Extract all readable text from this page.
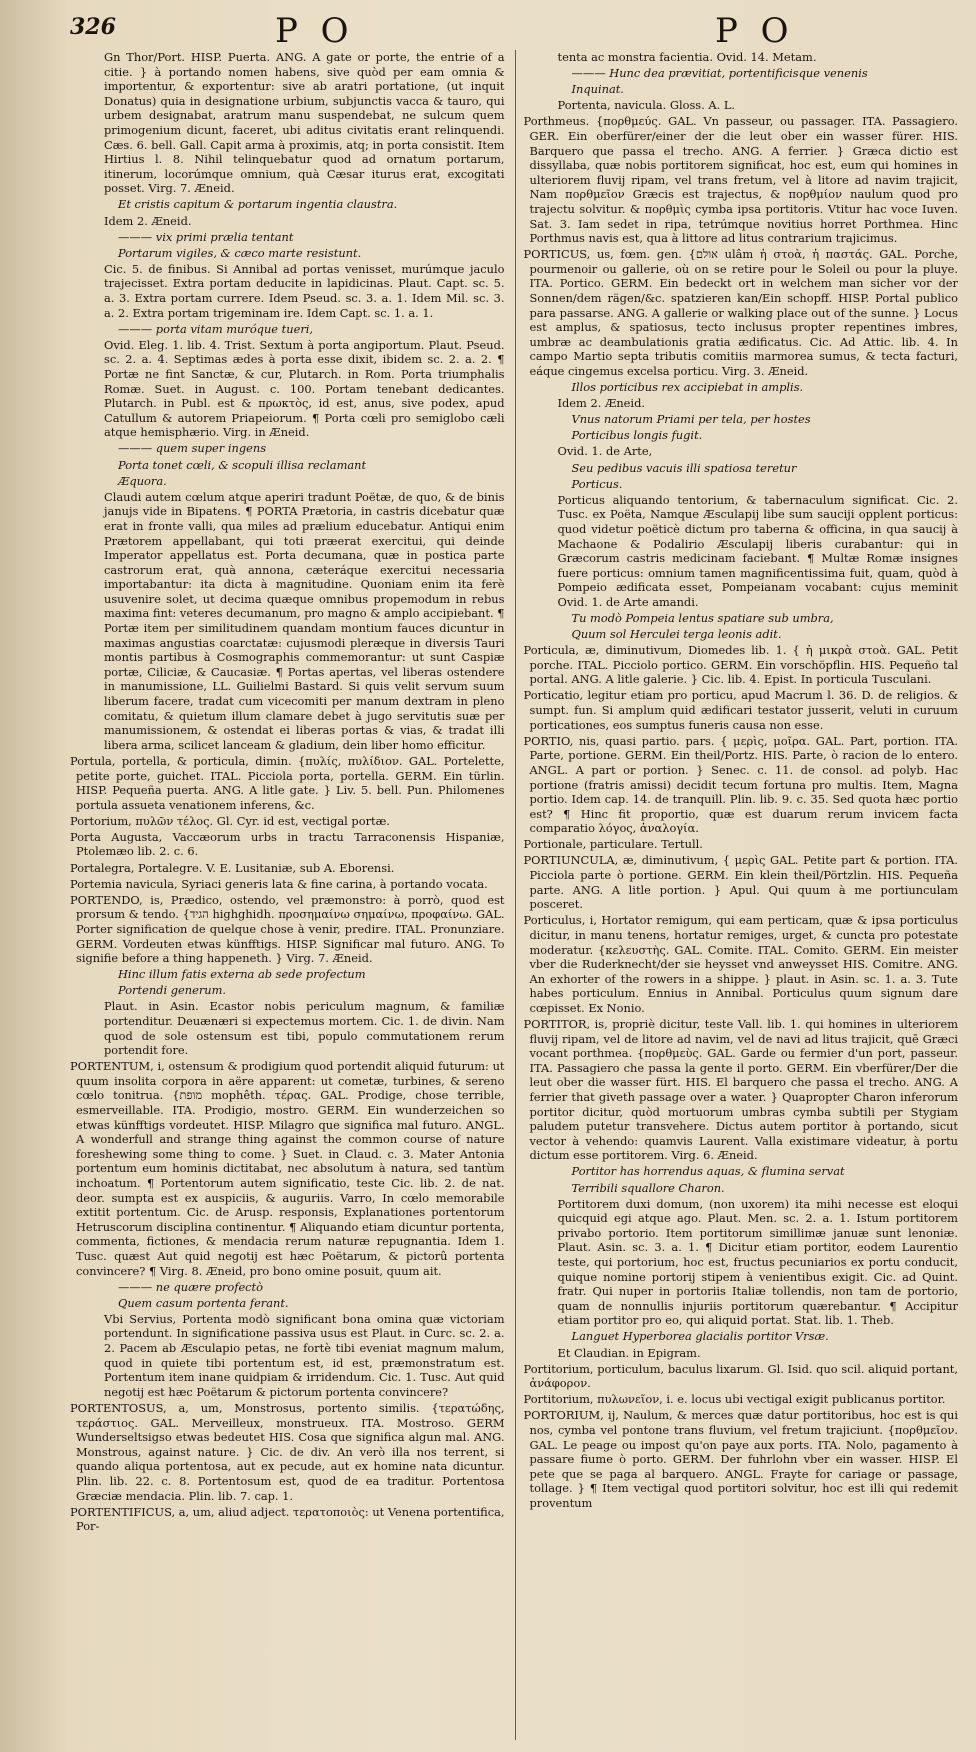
326	P O	P O

Gn Thor/Port. HISP. Puerta. ANG. A gate or porte, the entrie of a citie. } à portando nomen habens, sive quòd per eam omnia & importentur, & exportentur: sive ab aratri portatione, (ut inquit Donatus) quia in designatione urbium, subjunctis vacca & tauro, qui urbem designabat, aratrum manu suspendebat, ne sulcum quem primogenium dicunt, faceret, ubi aditus civitatis erant relinquendi. Cæs. 6. bell. Gall. Capit arma à proximis, atq; in porta consistit. Item Hirtius l. 8. Nihil telinquebatur quod ad ornatum portarum, itinerum, locorúmque omnium, quà Cæsar iturus erat, excogitati posset. Virg. 7. Æneid.

Et cristis capitum & portarum ingentia claustra.

Idem 2. Æneid.

——— vix primi prælia tentant

Portarum vigiles, & cæco marte resistunt.

Cic. 5. de finibus. Si Annibal ad portas venisset, murúmque jaculo trajecisset. Extra portam deducite in lapidicinas. Plaut. Capt. sc. 5. a. 3. Extra portam currere. Idem Pseud. sc. 3. a. 1. Idem Mil. sc. 3. a. 2. Extra portam trigeminam ire. Idem Capt. sc. 1. a. 1.

——— porta vitam muróque tueri,

Ovid. Eleg. 1. lib. 4. Trist. Sextum à porta angiportum. Plaut. Pseud. sc. 2. a. 4. Septimas ædes à porta esse dixit, ibidem sc. 2. a. 2. ¶ Portæ ne fint Sanctæ, & cur, Plutarch. in Rom. Porta triumphalis Romæ. Suet. in August. c. 100. Portam tenebant dedicantes. Plutarch. in Publ. est & πρωκτὸς, id est, anus, sive podex, apud Catullum & autorem Priapeiorum. ¶ Porta cœli pro semiglobo cæli atque hemisphærio. Virg. in Æneid.

——— quem super ingens

Porta tonet cœli, & scopuli illisa reclamant

Æquora.

Claudi autem cœlum atque aperiri tradunt Poëtæ, de quo, & de binis janujs vide in Bipatens. ¶ PORTA Prætoria, in castris dicebatur quæ erat in fronte valli, qua miles ad prælium educebatur. Antiqui enim Prætorem appellabant, qui toti præerat exercitui, qui deinde Imperator appellatus est. Porta decumana, quæ in postica parte castrorum erat, quà annona, cæteráque exercitui necessaria importabantur: ita dicta à magnitudine. Quoniam enim ita ferè usuvenire solet, ut decima quæque omnibus propemodum in rebus maxima fint: veteres decumanum, pro magno & amplo accipiebant. ¶ Portæ item per similitudinem quandam montium fauces dicuntur in maximas angustias coarctatæ: cujusmodi pleræque in diversis Tauri montis partibus à Cosmographis commemorantur: ut sunt Caspiæ portæ, Ciliciæ, & Caucasiæ. ¶ Portas apertas, vel liberas ostendere in manumissione, LL. Guilielmi Bastard. Si quis velit servum suum liberum facere, tradat cum vicecomiti per manum dextram in pleno comitatu, & quietum illum clamare debet à jugo servitutis suæ per manumissionem, & ostendat ei liberas portas & vias, & tradat illi libera arma, scilicet lanceam & gladium, dein liber homo efficitur.

Portula, portella, & porticula, dimin. {πυλίς, πυλίδιον. GAL. Portelette, petite porte, guichet. ITAL. Picciola porta, portella. GERM. Ein türlin. HISP. Pequeña puerta. ANG. A litle gate. } Liv. 5. bell. Pun. Philomenes portula assueta venationem inferens, &c.

Portorium, πυλῶν τέλος. Gl. Cyr. id est, vectigal portæ.

Porta Augusta, Vaccæorum urbs in tractu Tarraconensis Hispaniæ, Ptolemæo lib. 2. c. 6.

Portalegra, Portalegre. V. E. Lusitaniæ, sub A. Eborensi.

Portemia navicula, Syriaci generis lata & fine carina, à portando vocata.

PORTENDO, is, Prædico, ostendo, vel præmonstro: à porrò, quod est prorsum & tendo. {הגיד highghidh. προσημαίνω σημαίνω, προφαίνω. GAL. Porter signification de quelque chose à venir, predire. ITAL. Pronunziare. GERM. Vordeuten etwas künfftigs. HISP. Significar mal futuro. ANG. To signifie before a thing happeneth. } Virg. 7. Æneid.

Hinc illum fatis externa ab sede profectum

Portendi generum.

Plaut. in Asin. Ecastor nobis periculum magnum, & familiæ portenditur. Deuænæri si expectemus mortem. Cic. 1. de divin. Nam quod de sole ostensum est tibi, populo commutationem rerum portendit fore.

PORTENTUM, i, ostensum & prodigium quod portendit aliquid futurum: ut quum insolita corpora in aëre apparent: ut cometæ, turbines, & sereno cœlo tonitrua. {מופת mophêth. τέρας. GAL. Prodige, chose terrible, esmerveillable. ITA. Prodigio, mostro. GERM. Ein wunderzeichen so etwas künfftigs vordeutet. HISP. Milagro que significa mal futuro. ANGL. A wonderfull and strange thing against the common course of nature foreshewing some thing to come. } Suet. in Claud. c. 3. Mater Antonia portentum eum hominis dictitabat, nec absolutum à natura, sed tantùm inchoatum. ¶ Portentorum autem significatio, teste Cic. lib. 2. de nat. deor. sumpta est ex auspiciis, & auguriis. Varro, In cœlo memorabile extitit portentum. Cic. de Arusp. responsis, Explanationes portentorum Hetruscorum disciplina continentur. ¶ Aliquando etiam dicuntur portenta, commenta, fictiones, & mendacia rerum naturæ repugnantia. Idem 1. Tusc. quæst Aut quid negotij est hæc Poëtarum, & pictorû portenta convincere? ¶ Virg. 8. Æneid, pro bono omine posuit, quum ait.

——— ne quære profectò

Quem casum portenta ferant.

Vbi Servius, Portenta modò significant bona omina quæ victoriam portendunt. In significatione passiva usus est Plaut. in Curc. sc. 2. a. 2. Pacem ab Æsculapio petas, ne fortè tibi eveniat magnum malum, quod in quiete tibi portentum est, id est, præmonstratum est. Portentum item inane quidpiam & irridendum. Cic. 1. Tusc. Aut quid negotij est hæc Poëtarum & pictorum portenta convincere?

PORTENTOSUS, a, um, Monstrosus, portento similis. {τερατώδης, τεράστιος. GAL. Merveilleux, monstrueux. ITA. Mostroso. GERM Wunderseltsigso etwas bedeutet HIS. Cosa que significa algun mal. ANG. Monstrous, against nature. } Cic. de div. An verò illa nos terrent, si quando aliqua portentosa, aut ex pecude, aut ex homine nata dicuntur. Plin. lib. 22. c. 8. Portentosum est, quod de ea traditur. Portentosa Græciæ mendacia. Plin. lib. 7. cap. 1.

PORTENTIFICUS, a, um, aliud adject. τερατοποιὸς: ut Venena portentifica, Por-

tenta ac monstra facientia. Ovid. 14. Metam.

——— Hunc dea prævitiat, portentificisque venenis

Inquinat.

Portenta, navicula. Gloss. A. L.

Porthmeus. {πορθμεύς. GAL. Vn passeur, ou passager. ITA. Passagiero. GER. Ein oberfürer/einer der die leut ober ein wasser fürer. HIS. Barquero que passa el trecho. ANG. A ferrier. } Græca dictio est dissyllaba, quæ nobis portitorem significat, hoc est, eum qui homines in ulteriorem fluvij ripam, vel trans fretum, vel à litore ad navim trajicit, Nam πορθμεῖον Græcis est trajectus, & πορθμίον naulum quod pro trajectu solvitur. & πορθμὶς cymba ipsa portitoris. Vtitur hac voce Iuven. Sat. 3. Iam sedet in ripa, tetrúmque novitius horret Porthmea. Hinc Porthmus navis est, qua à littore ad litus contrarium trajicimus.

PORTICUS, us, fœm. gen. {אולם ulâm ἡ στοὰ, ἡ παστάς. GAL. Porche, pourmenoir ou gallerie, où on se retire pour le Soleil ou pour la pluye. ITA. Portico. GERM. Ein bedeckt ort in welchem man sicher vor der Sonnen/dem rägen/&c. spatzieren kan/Ein schopff. HISP. Portal publico para passarse. ANG. A gallerie or walking place out of the sunne. } Locus est amplus, & spatiosus, tecto inclusus propter repentines imbres, umbræ ac deambulationis gratia ædificatus. Cic. Ad Attic. lib. 4. In campo Martio septa tributis comitiis marmorea sumus, & tecta facturi, eáque cingemus excelsa porticu. Virg. 3. Æneid.

Illos porticibus rex accipiebat in amplis.

Idem 2. Æneid.

Vnus natorum Priami per tela, per hostes

Porticibus longis fugit.

Ovid. 1. de Arte,

Seu pedibus vacuis illi spatiosa teretur

Porticus.

Porticus aliquando tentorium, & tabernaculum significat. Cic. 2. Tusc. ex Poëta, Namque Æsculapij libe sum sauciji opplent porticus: quod videtur poëticè dictum pro taberna & officina, in qua saucij à Machaone & Podalirio Æsculapij liberis curabantur: qui in Græcorum castris medicinam faciebant. ¶ Multæ Romæ insignes fuere porticus: omnium tamen magnificentissima fuit, quam, quòd à Pompeio ædificata esset, Pompeianam vocabant: cujus meminit Ovid. 1. de Arte amandi.

Tu modò Pompeia lentus spatiare sub umbra,

Quum sol Herculei terga leonis adit.

Porticula, æ, diminutivum, Diomedes lib. 1. { ἡ μικρὰ στοὰ. GAL. Petit porche. ITAL. Picciolo portico. GERM. Ein vorschöpflin. HIS. Pequeño tal portal. ANG. A litle galerie. } Cic. lib. 4. Epist. In porticula Tusculani.

Porticatio, legitur etiam pro porticu, apud Macrum l. 36. D. de religios. & sumpt. fun. Si amplum quid ædificari testator jusserit, veluti in curuum porticationes, eos sumptus funeris causa non esse.

PORTIO, nis, quasi partio. pars. { μερὶς, μοῖρα. GAL. Part, portion. ITA. Parte, portione. GERM. Ein theil/Portz. HIS. Parte, ò racion de lo entero. ANGL. A part or portion. } Senec. c. 11. de consol. ad polyb. Hac portione (fratris amissi) decidit tecum fortuna pro multis. Item, Magna portio. Idem cap. 14. de tranquill. Plin. lib. 9. c. 35. Sed quota hæc portio est? ¶ Hinc fit proportio, quæ est duarum rerum invicem facta comparatio λόγος, ἀναλογία.

Portionale, particulare. Tertull.

PORTIUNCULA, æ, diminutivum, { μερὶς GAL. Petite part & portion. ITA. Picciola parte ò portione. GERM. Ein klein theil/Pörtzlin. HIS. Pequeña parte. ANG. A litle portion. } Apul. Qui quum à me portiunculam posceret.

Porticulus, i, Hortator remigum, qui eam perticam, quæ & ipsa porticulus dicitur, in manu tenens, hortatur remiges, urget, & cuncta pro potestate moderatur. {κελευστὴς. GAL. Comite. ITAL. Comito. GERM. Ein meister vber die Ruderknecht/der sie heysset vnd anweysset HIS. Comitre. ANG. An exhorter of the rowers in a shippe. } plaut. in Asin. sc. 1. a. 3. Tute habes porticulum. Ennius in Annibal. Porticulus quum signum dare cœpisset. Ex Nonio.

PORTITOR, is, propriè dicitur, teste Vall. lib. 1. qui homines in ulteriorem fluvij ripam, vel de litore ad navim, vel de navi ad litus trajicit, quē Græci vocant porthmea. {πορθμεὺς. GAL. Garde ou fermier d'un port, passeur. ITA. Passagiero che passa la gente il porto. GERM. Ein vberfürer/Der die leut ober die wasser fürt. HIS. El barquero che passa el trecho. ANG. A ferrier that giveth passage over a water. } Quapropter Charon inferorum portitor dicitur, quòd mortuorum umbras cymba subtili per Stygiam paludem putetur transvehere. Dictus autem portitor à portando, sicut vector à vehendo: quamvis Laurent. Valla existimare videatur, à portu dictum esse portitorem. Virg. 6. Æneid.

Portitor has horrendus aquas, & flumina servat

Terribili squallore Charon.

Portitorem duxi domum, (non uxorem) ita mihi necesse est eloqui quicquid egi atque ago. Plaut. Men. sc. 2. a. 1. Istum portitorem privabo portorio. Item portitorum simillimæ januæ sunt lenoniæ. Plaut. Asin. sc. 3. a. 1. ¶ Dicitur etiam portitor, eodem Laurentio teste, qui portorium, hoc est, fructus pecuniarios ex portu conducit, quique nomine portorij stipem à venientibus exigit. Cic. ad Quint. fratr. Qui nuper in portoriis Italiæ tollendis, non tam de portorio, quam de nonnullis injuriis portitorum quærebantur. ¶ Accipitur etiam portitor pro eo, qui aliquid portat. Stat. lib. 1. Theb.

Languet Hyperborea glacialis portitor Vrsæ.

Et Claudian. in Epigram.

Portitorium, porticulum, baculus lixarum. Gl. Isid. quo scil. aliquid portant, ἀνάφορον.

Portitorium, πυλωνεῖον, i. e. locus ubi vectigal exigit publicanus portitor.

PORTORIUM, ij, Naulum, & merces quæ datur portitoribus, hoc est is qui nos, cymba vel pontone trans fluvium, vel fretum trajiciunt. {πορθμεῖον. GAL. Le peage ou impost qu'on paye aux ports. ITA. Nolo, pagamento à passare fiume ò porto. GERM. Der fuhrlohn vber ein wasser. HISP. El pete que se paga al barquero. ANGL. Frayte for cariage or passage, tollage. } ¶ Item vectigal quod portitori solvitur, hoc est illi qui redemit proventum
